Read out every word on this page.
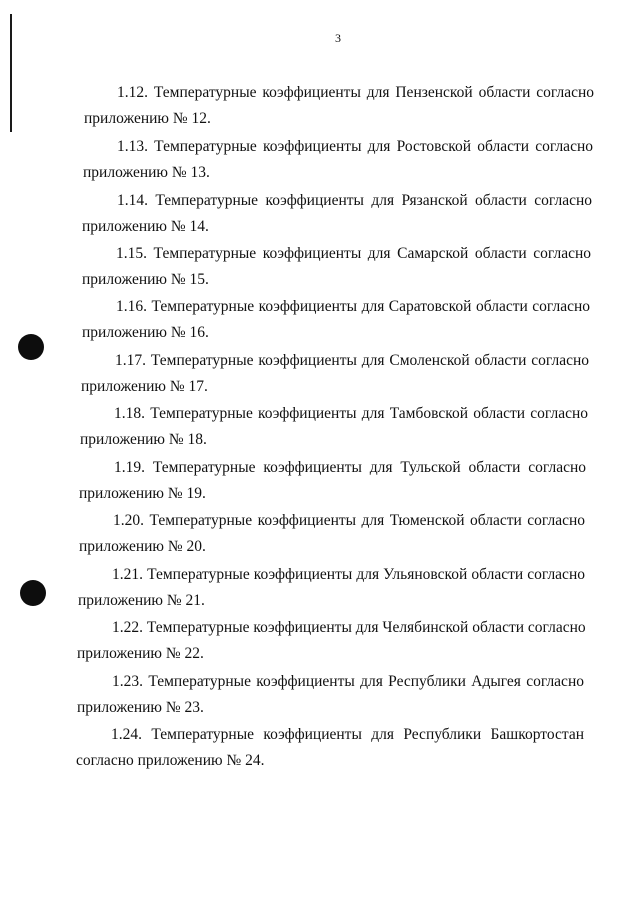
3
1.12. Температурные коэффициенты для Пензенской области согласно
приложению № 12.
1.13. Температурные коэффициенты для Ростовской области согласно
приложению № 13.
1.14. Температурные коэффициенты для Рязанской области согласно
приложению № 14.
1.15. Температурные коэффициенты для Самарской области согласно
приложению № 15.
1.16. Температурные коэффициенты для Саратовской области согласно
приложению № 16.
1.17. Температурные коэффициенты для Смоленской области согласно
приложению № 17.
1.18. Температурные коэффициенты для Тамбовской области согласно
приложению № 18.
1.19. Температурные коэффициенты для Тульской области согласно
приложению № 19.
1.20. Температурные коэффициенты для Тюменской области согласно
приложению № 20.
1.21. Температурные коэффициенты для Ульяновской области согласно
приложению № 21.
1.22. Температурные коэффициенты для Челябинской области согласно
приложению № 22.
1.23. Температурные коэффициенты для Республики Адыгея согласно
приложению № 23.
1.24. Температурные коэффициенты для Республики Башкортостан
согласно приложению № 24.
